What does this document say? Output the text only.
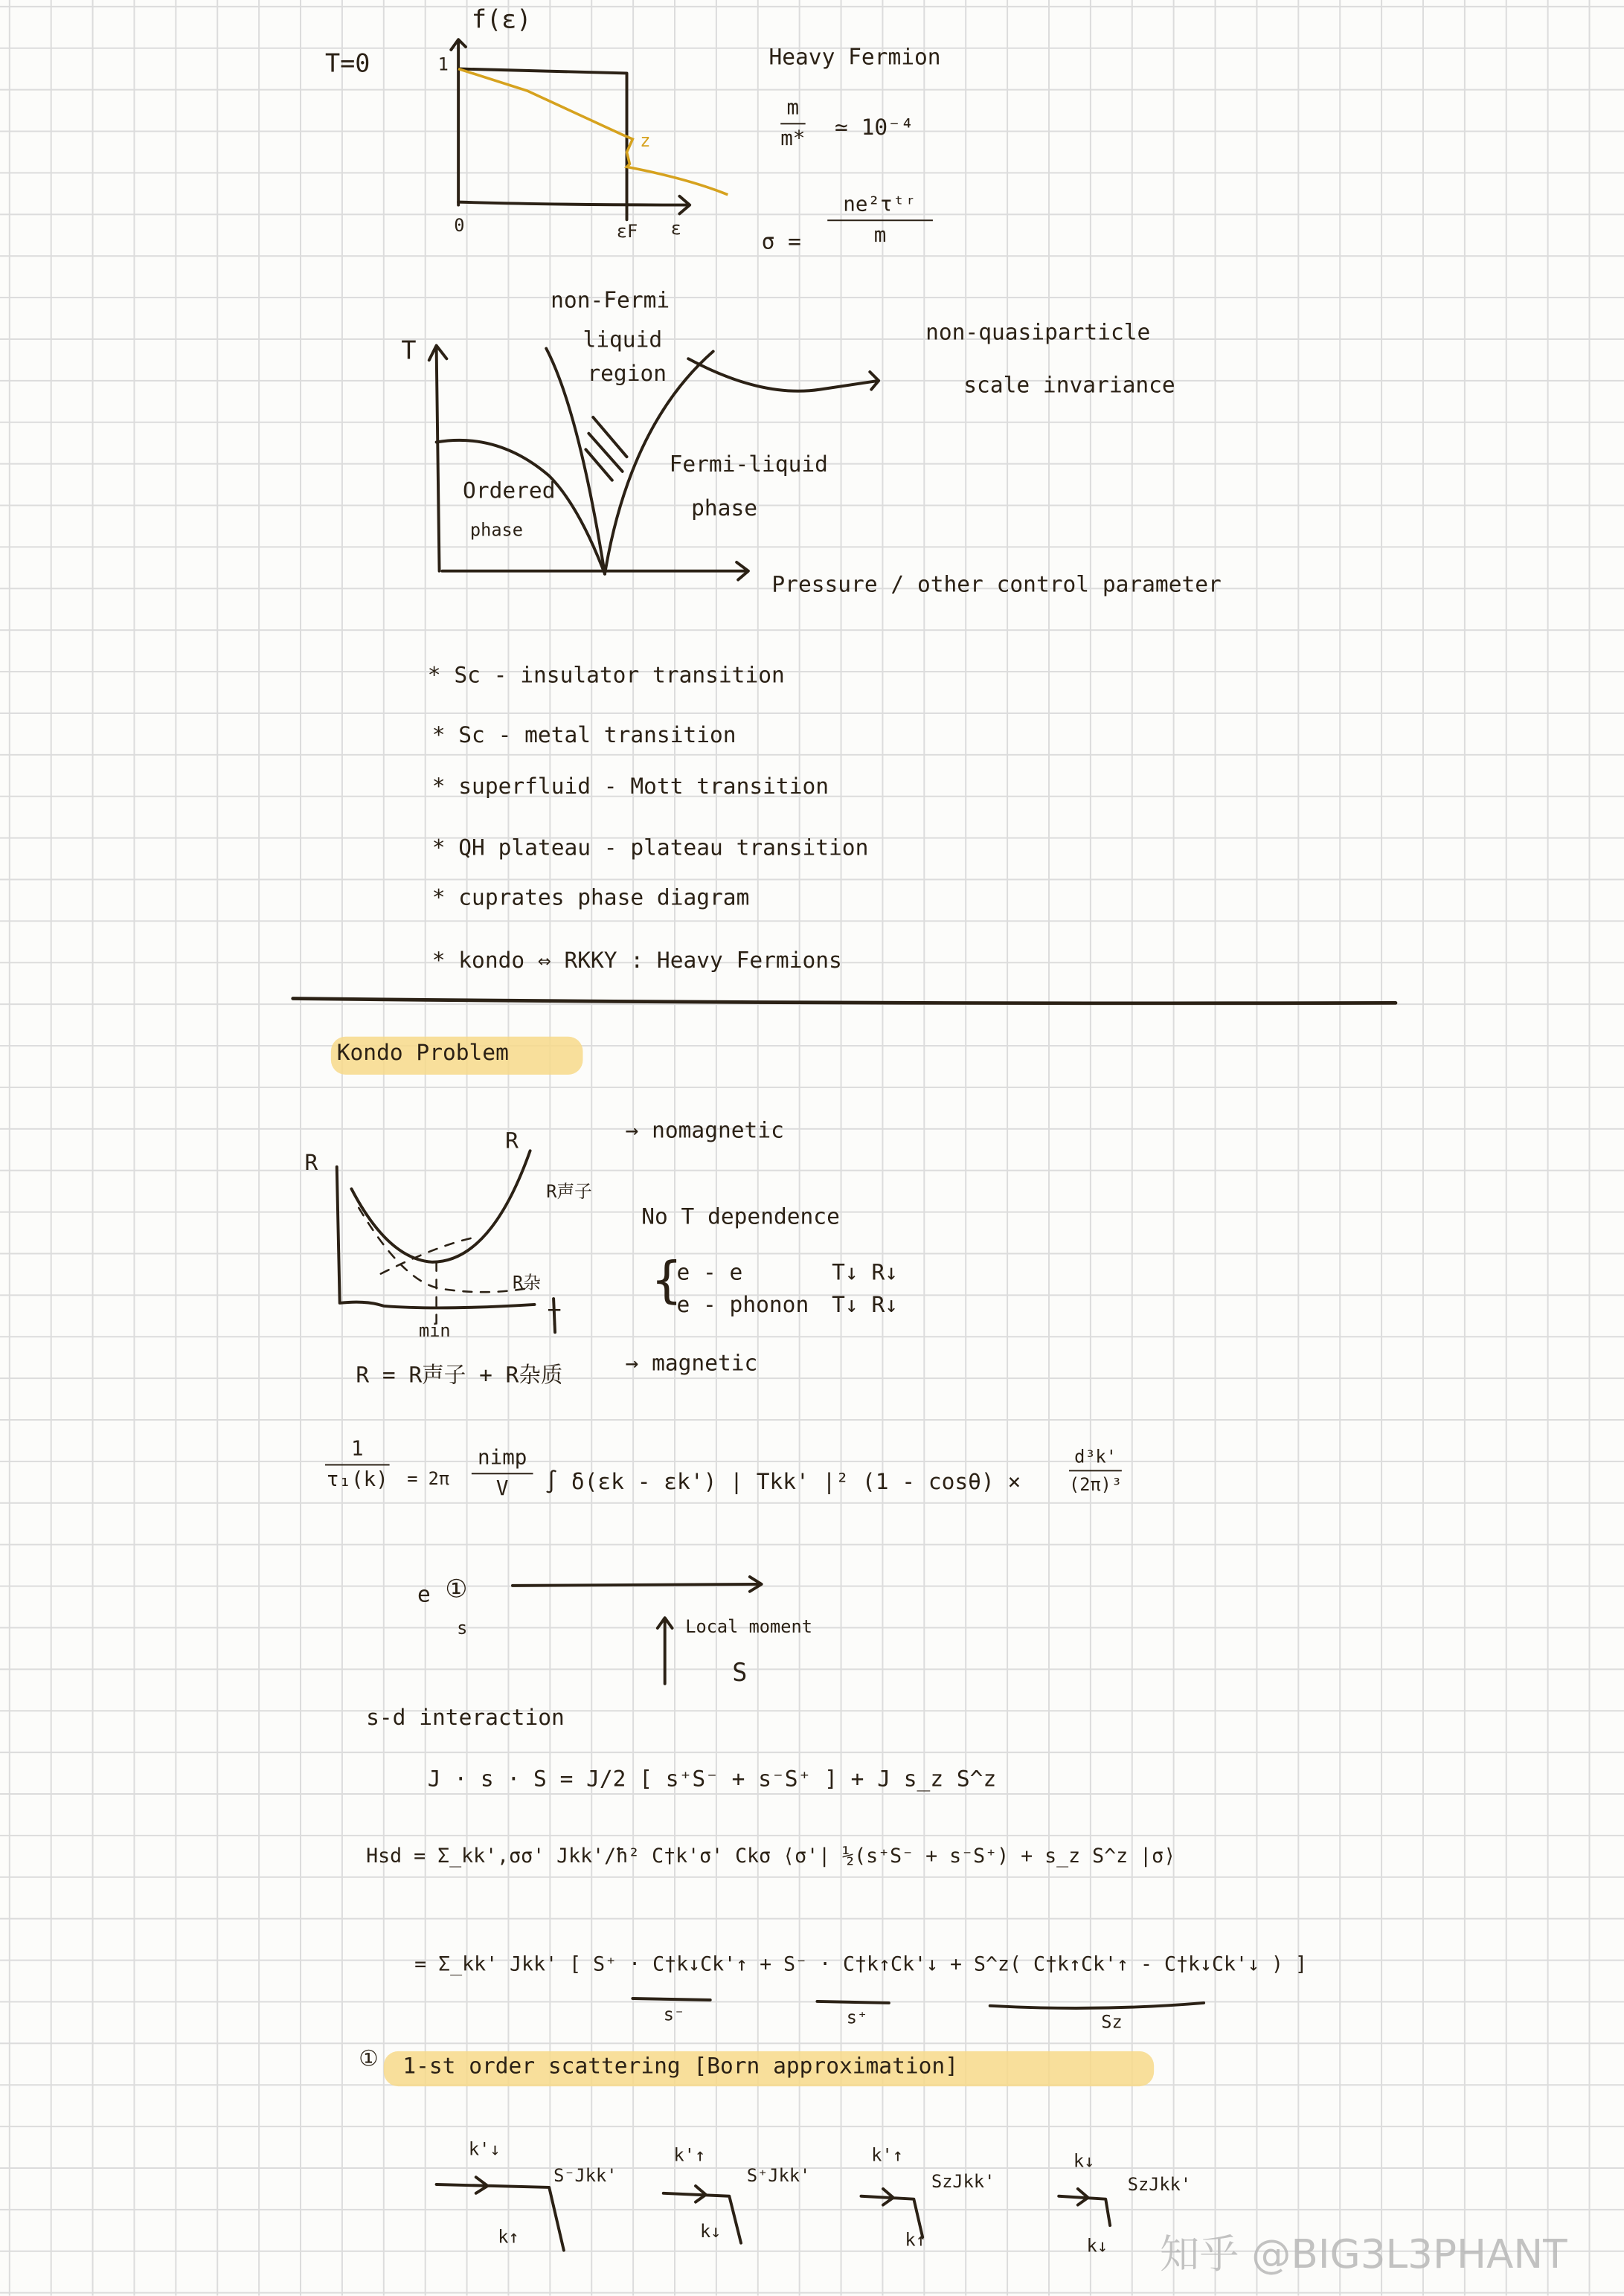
T=0
f(ε)
1
0	εF	ε
z
Heavy Fermion
m
m*	≃ 10⁻⁴
σ =
ne²τᵗʳ
m
T
non-Fermi
liquid
region
Ordered
phase
Fermi-liquid
phase
Pressure / other control parameter
non-quasiparticle
scale invariance
* Sc - insulator transition
* Sc - metal transition
* superfluid - Mott transition
* QH plateau - plateau transition
* cuprates phase diagram
* kondo ⇔ RKKY : Heavy Fermions
Kondo Problem
R
R
R声子
R杂
T
min
R = R声子 + R杂质
→ nomagnetic
No T dependence
{
e - e	T↓ R↓
e - phonon T↓ R↓
→ magnetic
1
τ₁(k) = 2π
nimp
V	∫ δ(εk - εk') | Tkk' |² (1 - cosθ) ×
d³k'
(2π)³
e ①
s	Local moment
S
s-d interaction
J · s · S = J/2 [ s⁺S⁻ + s⁻S⁺ ] + J s_z S^z
Hsd = Σ_kk',σσ' Jkk'/ħ² C†k'σ' Ckσ ⟨σ'| ½(s⁺S⁻ + s⁻S⁺) + s_z S^z |σ⟩
= Σ_kk' Jkk' [ S⁺ · C†k↓Ck'↑ + S⁻ · C†k↑Ck'↓ + S^z( C†k↑Ck'↑ - C†k↓Ck'↓ ) ]
s⁻	s⁺	Sz
① 1-st order scattering [Born approximation]
k'↓
S⁻Jkk'
k↑
k'↑
S⁺Jkk'
k↓
k'↑
SzJkk'
k↑
k↓
SzJkk'
k↓	知乎 @BIG3L3PHANT
